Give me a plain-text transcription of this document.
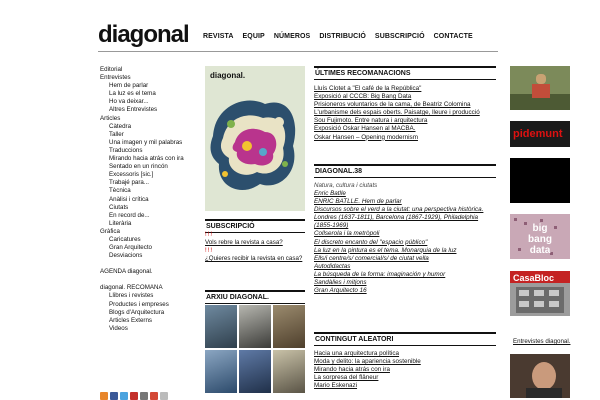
diagonal. REVISTA EQUIP NÚMEROS DISTRIBUCIÓ SUBSCRIPCIÓ CONTACTE
Editorial
Entrevistes
Hem de parlar
La luz es el tema
Ho va deixar...
Altres Entrevistes
Articles
Càtedra
Taller
Una imagen y mil palabras
Traduccions
Mirando hacia atrás con ira
Sentado en un rincón
Excessoris [sic.]
Trabajé para...
Tècnica
Anàlisi i crítica
Ciutats
En record de...
Literària
Gràfica
Caricatures
Gran Arquitecto
Desviacions
AGENDA diagonal.
diagonal. RECOMANA
Llibres i revistes
Productes i empreses
Blogs d'Arquitectura
Articles Externs
Videos
diagonal.
SUBSCRIPCIÓ
!!!
Vols rebre la revista a casa?
!!!
¿Quieres recibir la revista en casa?
ARXIU DIAGONAL.
ÚLTIMES RECOMANACIONS
Lluís Clotet a "El café de la República"
Exposició al CCCB: Big Bang Data
Prisioneros voluntarios de la cama, de Beatriz Colomina
L'urbanisme dels espais oberts. Paisatge, lleure i producció
Sou Fujimoto. Entre natura i arquitectura
Exposició Oskar Hansen al MACBA.
Oskar Hansen – Opening modernism
DIAGONAL.38
Natura, cultura i ciutats
Enric Batlle
ENRIC BATLLE. Hem de parlar
Discursos sobre el verd a la ciutat: una perspectiva històrica. Londres (1637-1811), Barcelona (1867-1929), Philadelphia (1855-1969)
Collserola i la metròpoli
El discreto encanto del "espacio público"
La luz en la pintura es el tema. Monarquia de la luz
Ells/i centre/s/ comercial/s/ de ciutat vella
Autodidactas
La búsqueda de la forma: imaginación y humor
Sandàlies i mitjons
Gran Arquitecto 16
CONTINGUT ALEATORI
Hacia una arquitectura política
Moda y delito: la apariencia sostenible
Mirando hacia atrás con ira
La sorpresa del flâneur
Mario Eskenazi
pidemunt
big
bang
data
CasaBloc
Entrevistes diagonal.
